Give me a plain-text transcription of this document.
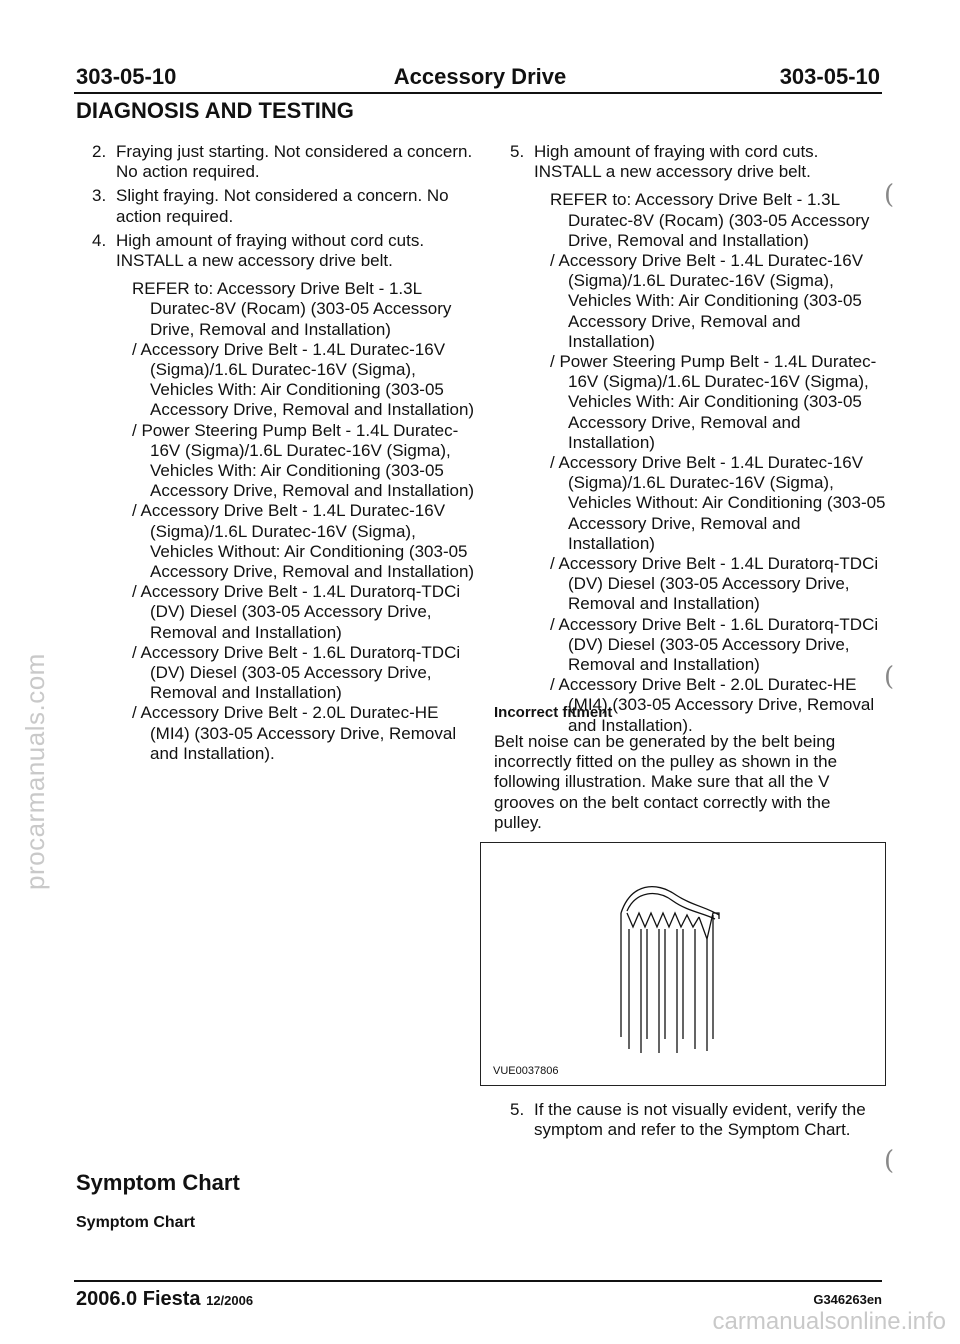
303-05-10	Accessory Drive	303-05-10
DIAGNOSIS AND TESTING
2. Fraying just starting. Not considered a concern. No action required.
3. Slight fraying. Not considered a concern. No action required.
4. High amount of fraying without cord cuts. INSTALL a new accessory drive belt.
REFER to: Accessory Drive Belt - 1.3L Duratec-8V (Rocam) (303-05 Accessory Drive, Removal and Installation)
/ Accessory Drive Belt - 1.4L Duratec-16V (Sigma)/1.6L Duratec-16V (Sigma), Vehicles With: Air Conditioning (303-05 Accessory Drive, Removal and Installation)
/ Power Steering Pump Belt - 1.4L Duratec-16V (Sigma)/1.6L Duratec-16V (Sigma), Vehicles With: Air Conditioning (303-05 Accessory Drive, Removal and Installation)
/ Accessory Drive Belt - 1.4L Duratec-16V (Sigma)/1.6L Duratec-16V (Sigma), Vehicles Without: Air Conditioning (303-05 Accessory Drive, Removal and Installation)
/ Accessory Drive Belt - 1.4L Duratorq-TDCi (DV) Diesel (303-05 Accessory Drive, Removal and Installation)
/ Accessory Drive Belt - 1.6L Duratorq-TDCi (DV) Diesel (303-05 Accessory Drive, Removal and Installation)
/ Accessory Drive Belt - 2.0L Duratec-HE (MI4) (303-05 Accessory Drive, Removal and Installation).
5. High amount of fraying with cord cuts. INSTALL a new accessory drive belt.
REFER to: Accessory Drive Belt - 1.3L Duratec-8V (Rocam) (303-05 Accessory Drive, Removal and Installation)
/ Accessory Drive Belt - 1.4L Duratec-16V (Sigma)/1.6L Duratec-16V (Sigma), Vehicles With: Air Conditioning (303-05 Accessory Drive, Removal and Installation)
/ Power Steering Pump Belt - 1.4L Duratec-16V (Sigma)/1.6L Duratec-16V (Sigma), Vehicles With: Air Conditioning (303-05 Accessory Drive, Removal and Installation)
/ Accessory Drive Belt - 1.4L Duratec-16V (Sigma)/1.6L Duratec-16V (Sigma), Vehicles Without: Air Conditioning (303-05 Accessory Drive, Removal and Installation)
/ Accessory Drive Belt - 1.4L Duratorq-TDCi (DV) Diesel (303-05 Accessory Drive, Removal and Installation)
/ Accessory Drive Belt - 1.6L Duratorq-TDCi (DV) Diesel (303-05 Accessory Drive, Removal and Installation)
/ Accessory Drive Belt - 2.0L Duratec-HE (MI4) (303-05 Accessory Drive, Removal and Installation).
Incorrect fitment
Belt noise can be generated by the belt being incorrectly fitted on the pulley as shown in the following illustration. Make sure that all the V grooves on the belt contact correctly with the pulley.
VUE0037806
5. If the cause is not visually evident, verify the symptom and refer to the Symptom Chart.
Symptom Chart
Symptom Chart
(
(
(
2006.0 Fiesta 12/2006	G346263en
procarmanuals.com
carmanualsonline.info
